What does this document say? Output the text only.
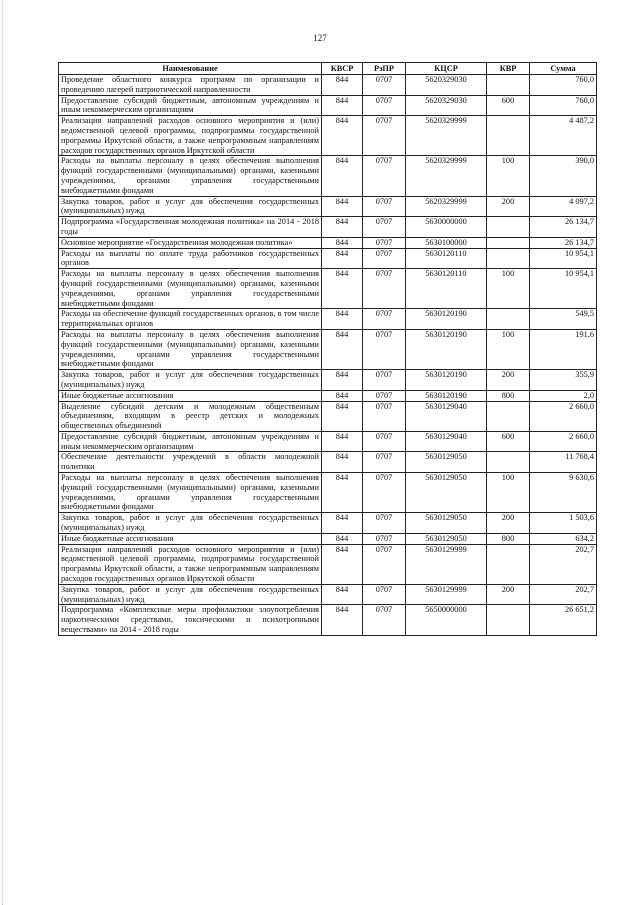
127
Наименование	КВСР	РзПР	КЦСР	КВР	Сумма
Проведение областного конкурса программ по организации и проведению лагерей патриотической направленности	844	0707	5620329030		760,0
Предоставление субсидий бюджетным, автономным учреждениям и иным некоммерческим организациям	844	0707	5620329030	600	760,0
Реализация направлений расходов основного мероприятия и (или) ведомственной целевой программы, подпрограммы государственной программы Иркутской области, а также непрограммным направлениям расходов государственных органов Иркутской области	844	0707	5620329999		4 487,2
Расходы на выплаты персоналу в целях обеспечения выполнения функций государственными (муниципальными) органами, казенными учреждениями, органами управления государственными внебюджетными фондами	844	0707	5620329999	100	390,0
Закупка товаров, работ и услуг для обеспечения государственных (муниципальных) нужд	844	0707	5620329999	200	4 097,2
Подпрограмма «Государственная молодежная политика» на 2014 - 2018 годы	844	0707	5630000000		26 134,7
Основное мероприятие «Государственная молодежная политика»	844	0707	5630100000		26 134,7
Расходы на выплаты по оплате труда работников государственных органов	844	0707	5630120110		10 954,1
Расходы на выплаты персоналу в целях обеспечения выполнения функций государственными (муниципальными) органами, казенными учреждениями, органами управления государственными внебюджетными фондами	844	0707	5630120110	100	10 954,1
Расходы на обеспечение функций государственных органов, в том числе территориальных органов	844	0707	5630120190		549,5
Расходы на выплаты персоналу в целях обеспечения выполнения функций государственными (муниципальными) органами, казенными учреждениями, органами управления государственными внебюджетными фондами	844	0707	5630120190	100	191,6
Закупка товаров, работ и услуг для обеспечения государственных (муниципальных) нужд	844	0707	5630120190	200	355,9
Иные бюджетные ассигнования	844	0707	5630120190	800	2,0
Выделение субсидий детским и молодежным общественным объединениям, входящим в реестр детских и молодежных общественных объединений	844	0707	5630129040		2 660,0
Предоставление субсидий бюджетным, автономным учреждениям и иным некоммерческим организациям	844	0707	5630129040	600	2 660,0
Обеспечение деятельности учреждений в области молодежной политики	844	0707	5630129050		11 768,4
Расходы на выплаты персоналу в целях обеспечения выполнения функций государственными (муниципальными) органами, казенными учреждениями, органами управления государственными внебюджетными фондами	844	0707	5630129050	100	9 630,6
Закупка товаров, работ и услуг для обеспечения государственных (муниципальных) нужд	844	0707	5630129050	200	1 503,6
Иные бюджетные ассигнования	844	0707	5630129050	800	634,2
Реализация направлений расходов основного мероприятия и (или) ведомственной целевой программы, подпрограммы государственной программы Иркутской области, а также непрограммным направлениям расходов государственных органов Иркутской области	844	0707	5630129999		202,7
Закупка товаров, работ и услуг для обеспечения государственных (муниципальных) нужд	844	0707	5630129999	200	202,7
Подпрограмма «Комплексные меры профилактики злоупотребления наркотическими средствами, токсическими и психотропными веществами» на 2014 - 2018 годы	844	0707	5650000000		26 651,2
